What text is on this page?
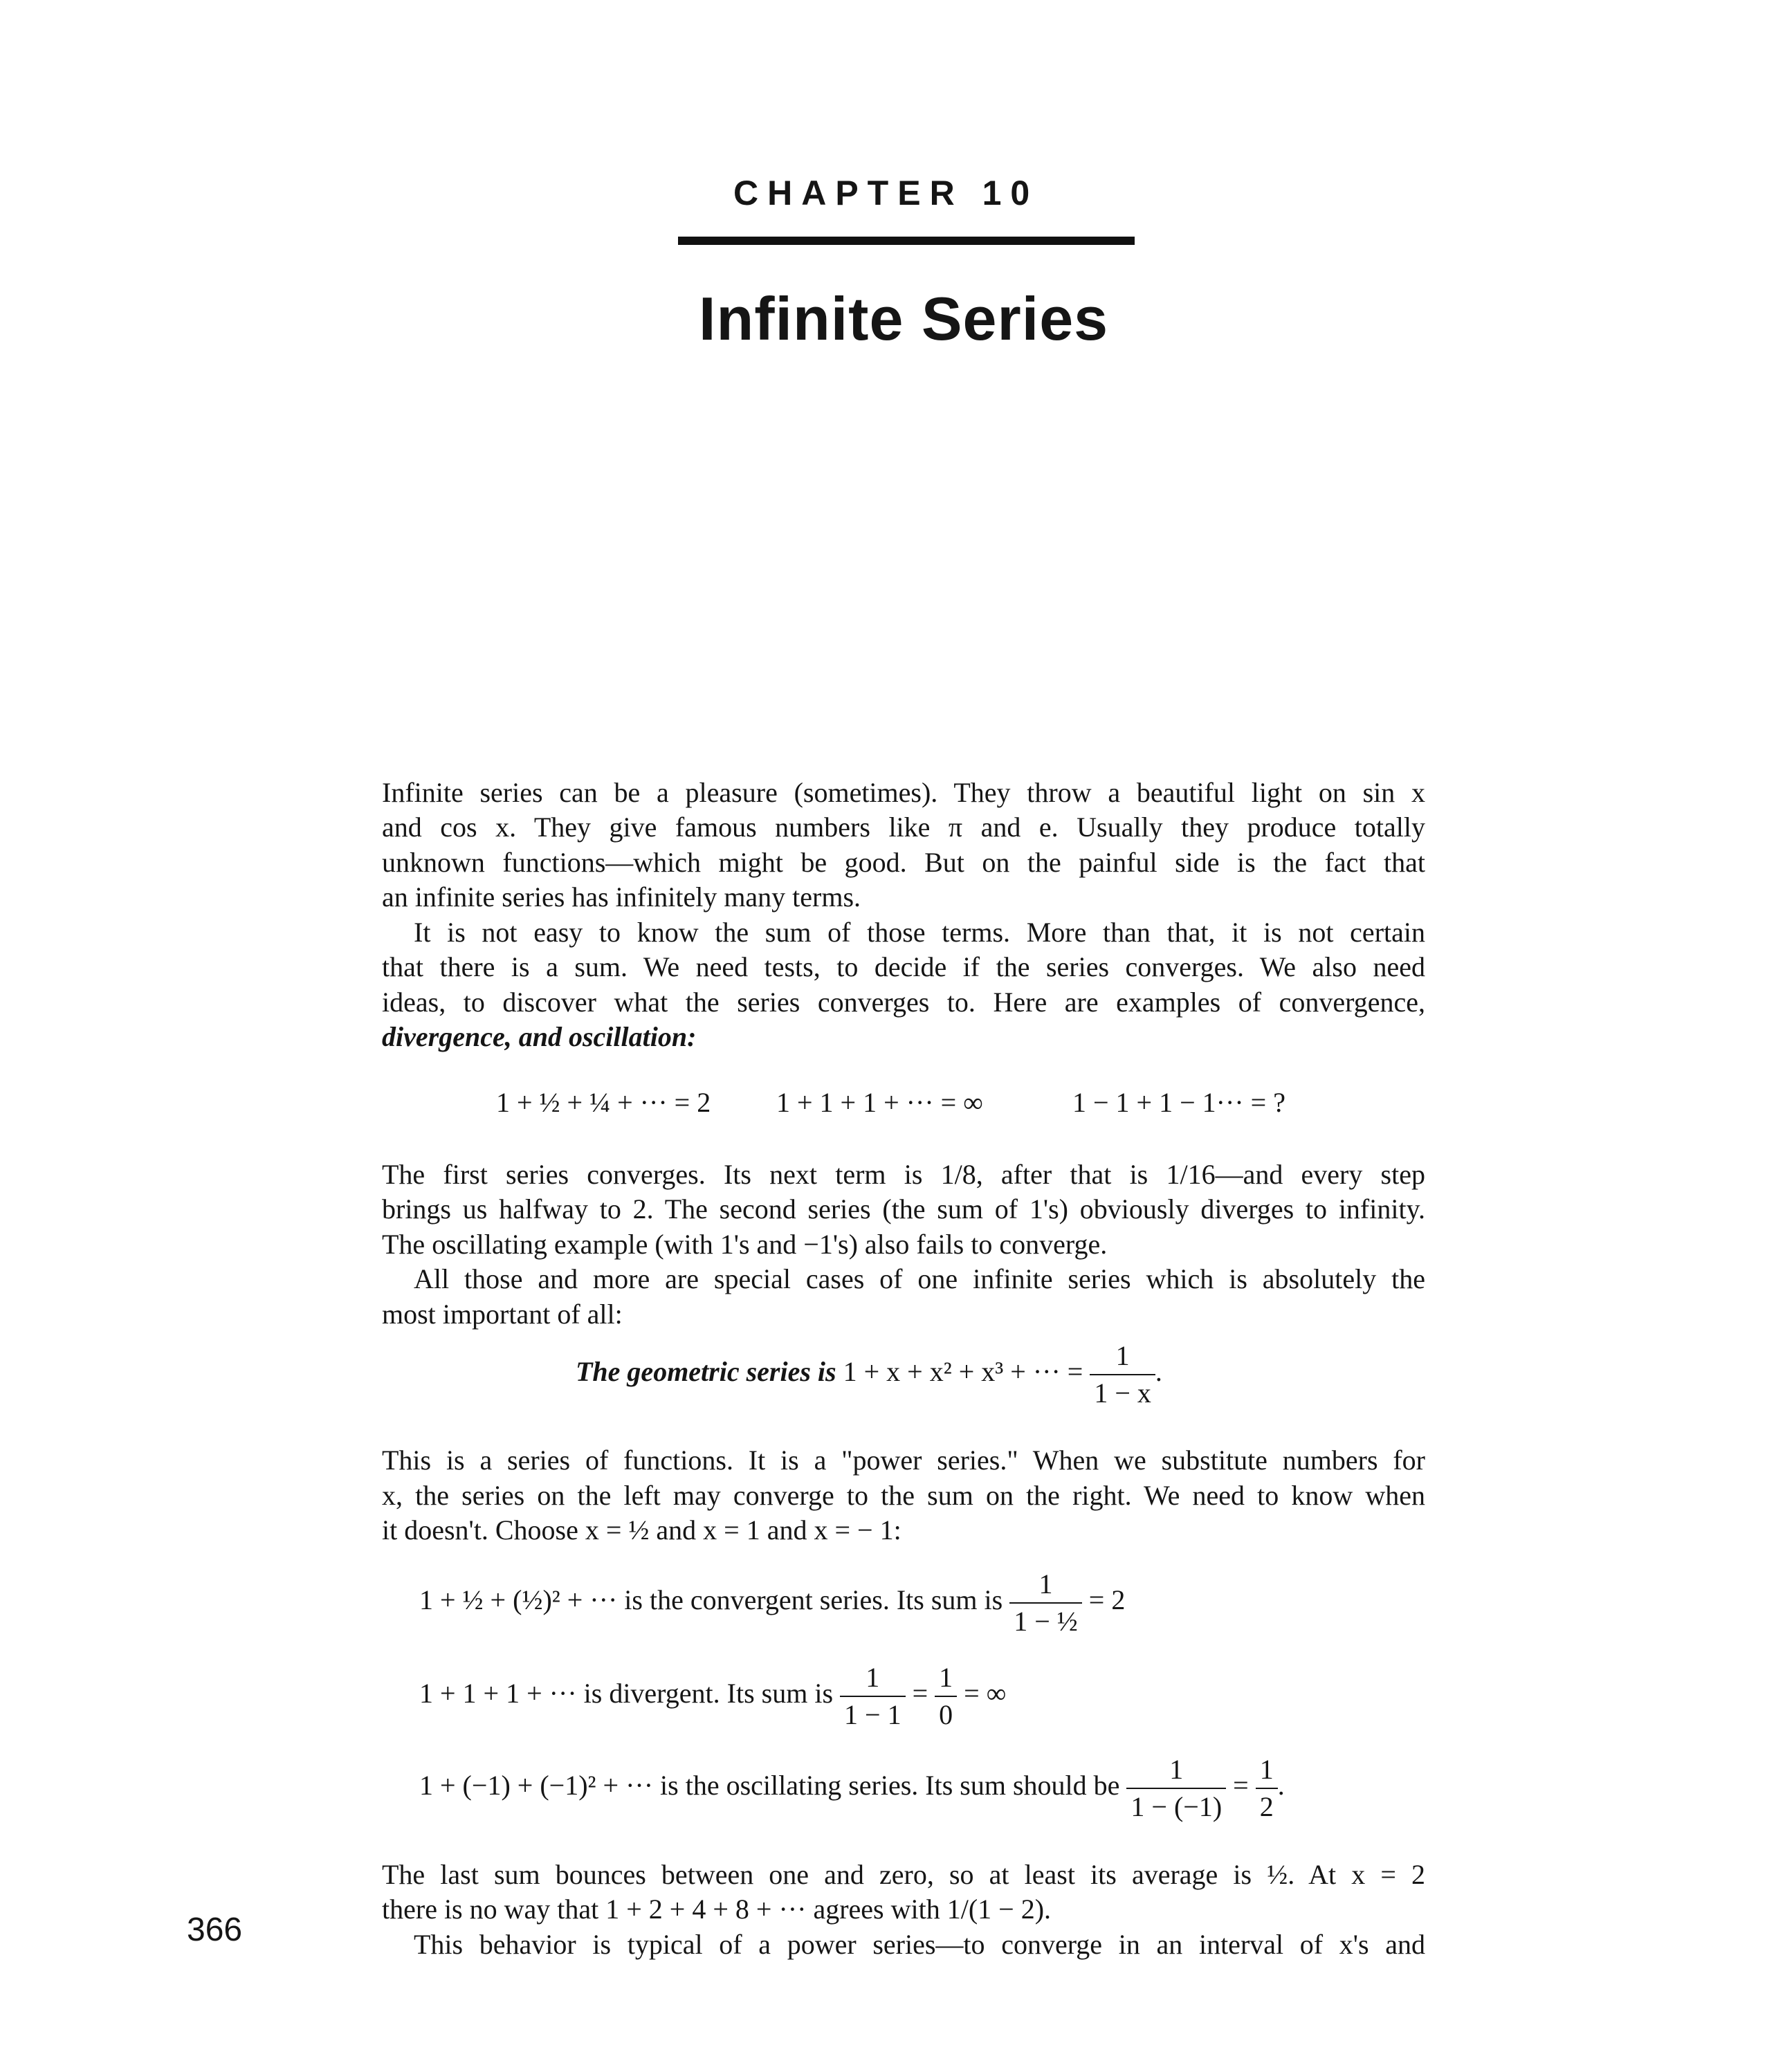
CHAPTER 10
Infinite Series
Infinite series can be a pleasure (sometimes). They throw a beautiful light on sin x
and cos x. They give famous numbers like π and e. Usually they produce totally
unknown functions—which might be good. But on the painful side is the fact that
an infinite series has infinitely many terms.
It is not easy to know the sum of those terms. More than that, it is not certain
that there is a sum. We need tests, to decide if the series converges. We also need
ideas, to discover what the series converges to. Here are examples of convergence,
divergence, and oscillation:
1 + ½ + ¼ + ··· = 2 1 + 1 + 1 + ··· = ∞	1 − 1 + 1 − 1··· = ?
The first series converges. Its next term is 1/8, after that is 1/16—and every step
brings us halfway to 2. The second series (the sum of 1's) obviously diverges to infinity.
The oscillating example (with 1's and −1's) also fails to converge.
All those and more are special cases of one infinite series which is absolutely the
most important of all:
The geometric series is 1 + x + x² + x³ + ··· = $\frac{1}{1 - x}$ .
This is a series of functions. It is a "power series." When we substitute numbers for
x, the series on the left may converge to the sum on the right. We need to know when
it doesn't. Choose x = ½ and x = 1 and x = − 1:
1 + ½ + (½)² + ··· is the convergent series. Its sum is $\frac{1}{\text{1 − ½}} = 2$
1 + 1 + 1 + ··· is divergent. Its sum is $\frac{1}{1 - 1} = \frac{1}{0}$ = ∞
1 + (−1) + (−1)² + ··· is the oscillating series. Its sum should be $\frac{1}{1 - (-1)} = \frac{1}{2}$ .
The last sum bounces between one and zero, so at least its average is ½. At x = 2
there is no way that 1 + 2 + 4 + 8 + ··· agrees with 1/(1 − 2).
This behavior is typical of a power series—to converge in an interval of x's and
366
